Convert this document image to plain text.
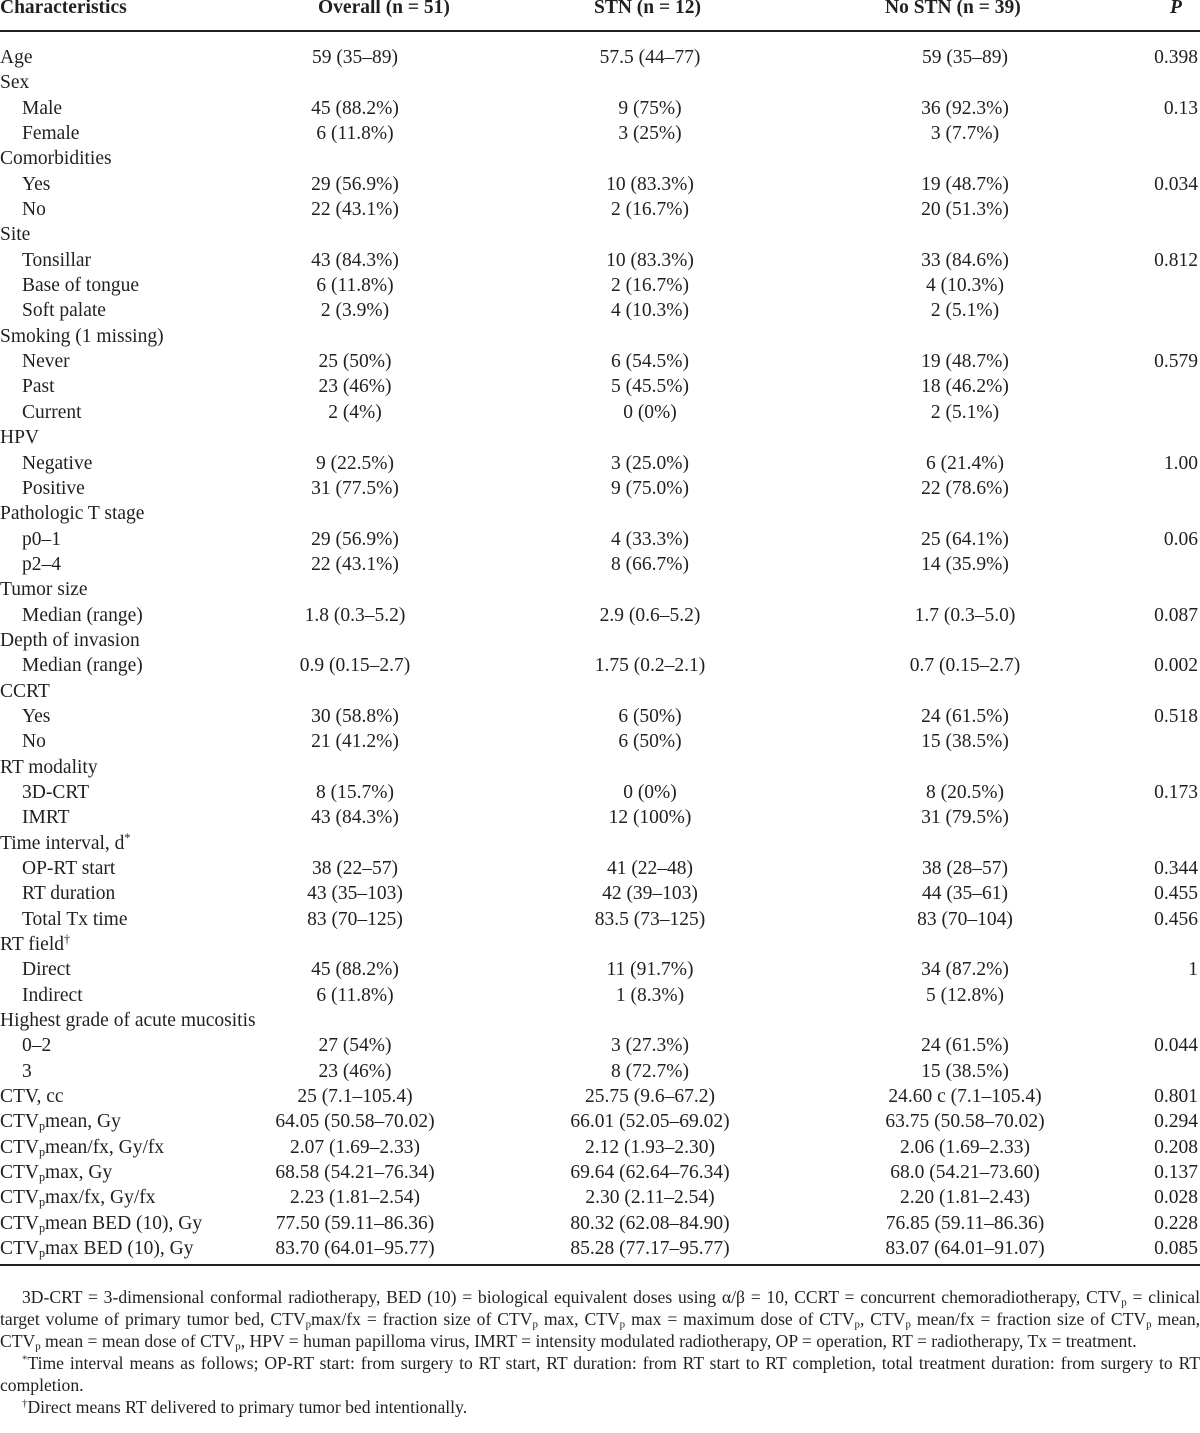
Characteristics	Overall (n = 51)	STN (n = 12)	No STN (n = 39)	P
Age	59 (35–89)	57.5 (44–77)	59 (35–89)	0.398
Sex
Male	45 (88.2%)	9 (75%)	36 (92.3%)	0.13
Female	6 (11.8%)	3 (25%)	3 (7.7%)
Comorbidities
Yes	29 (56.9%)	10 (83.3%)	19 (48.7%)	0.034
No	22 (43.1%)	2 (16.7%)	20 (51.3%)
Site
Tonsillar	43 (84.3%)	10 (83.3%)	33 (84.6%)	0.812
Base of tongue	6 (11.8%)	2 (16.7%)	4 (10.3%)
Soft palate	2 (3.9%)	4 (10.3%)	2 (5.1%)
Smoking (1 missing)
Never	25 (50%)	6 (54.5%)	19 (48.7%)	0.579
Past	23 (46%)	5 (45.5%)	18 (46.2%)
Current	2 (4%)	0 (0%)	2 (5.1%)
HPV
Negative	9 (22.5%)	3 (25.0%)	6 (21.4%)	1.00
Positive	31 (77.5%)	9 (75.0%)	22 (78.6%)
Pathologic T stage
p0–1	29 (56.9%)	4 (33.3%)	25 (64.1%)	0.06
p2–4	22 (43.1%)	8 (66.7%)	14 (35.9%)
Tumor size
Median (range)	1.8 (0.3–5.2)	2.9 (0.6–5.2)	1.7 (0.3–5.0)	0.087
Depth of invasion
Median (range)	0.9 (0.15–2.7)	1.75 (0.2–2.1)	0.7 (0.15–2.7)	0.002
CCRT
Yes	30 (58.8%)	6 (50%)	24 (61.5%)	0.518
No	21 (41.2%)	6 (50%)	15 (38.5%)
RT modality
3D-CRT	8 (15.7%)	0 (0%)	8 (20.5%)	0.173
IMRT	43 (84.3%)	12 (100%)	31 (79.5%)
Time interval, d*
OP-RT start	38 (22–57)	41 (22–48)	38 (28–57)	0.344
RT duration	43 (35–103)	42 (39–103)	44 (35–61)	0.455
Total Tx time	83 (70–125)	83.5 (73–125)	83 (70–104)	0.456
RT field†
Direct	45 (88.2%)	11 (91.7%)	34 (87.2%)	1
Indirect	6 (11.8%)	1 (8.3%)	5 (12.8%)
Highest grade of acute mucositis
0–2	27 (54%)	3 (27.3%)	24 (61.5%)	0.044
3	23 (46%)	8 (72.7%)	15 (38.5%)
CTV, cc	25 (7.1–105.4)	25.75 (9.6–67.2)	24.60 c (7.1–105.4)	0.801
$CTV_pmean$, Gy	64.05 (50.58–70.02)	66.01 (52.05–69.02)	63.75 (50.58–70.02)	0.294
$CTV_pmean/fx$, Gy/fx	2.07 (1.69–2.33)	2.12 (1.93–2.30)	2.06 (1.69–2.33)	0.208
$CTV_p\max$, Gy	68.58 (54.21–76.34)	69.64 (62.64–76.34)	68.0 (54.21–73.60)	0.137
$CTV_p\max/fx$, Gy/fx	2.23 (1.81–2.54)	2.30 (2.11–2.54)	2.20 (1.81–2.43)	0.028
$CTV_pmean$ BED (10), Gy	77.50 (59.11–86.36)	80.32 (62.08–84.90)	76.85 (59.11–86.36)	0.228
$CTV_p\max$ BED (10), Gy	83.70 (64.01–95.77)	85.28 (77.17–95.77)	83.07 (64.01–91.07)	0.085

3D-CRT = 3-dimensional conformal radiotherapy, BED (10) = biological equivalent doses using α/β = 10, CCRT = concurrent chemoradiotherapy, $CTV_p$ = clinical target volume of primary tumor bed, $CTV_p\max/fx$ = fraction size of $CTV_p$ max, $CTV_p$ max = maximum dose of $CTV_p$, $CTV_p$ mean/fx = fraction size of $CTV_p$ mean, $CTV_p$ mean = mean dose of $CTV_p$, HPV = human papilloma virus, IMRT = intensity modulated radiotherapy, OP = operation, RT = radiotherapy, Tx = treatment.

*Time interval means as follows; OP-RT start: from surgery to RT start, RT duration: from RT start to RT completion, total treatment duration: from surgery to RT completion.

†Direct means RT delivered to primary tumor bed intentionally.
